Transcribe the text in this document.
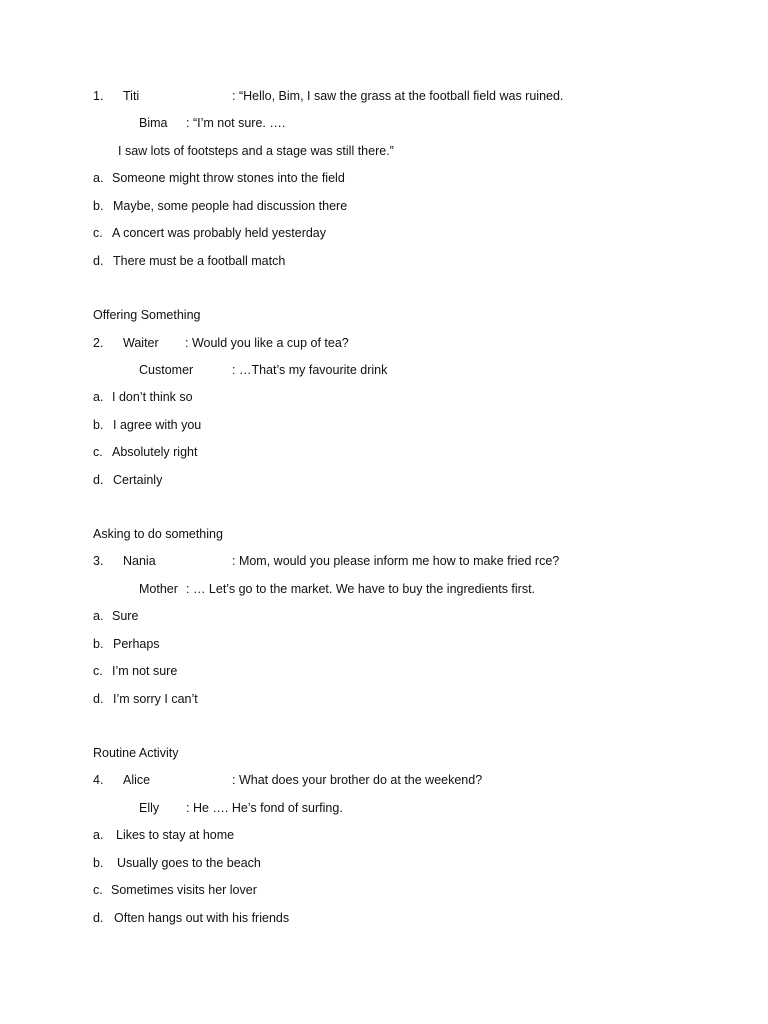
1. Titi	: “Hello, Bim, I saw the grass at the football field was ruined.
Bima : “I’m not sure. ….
I saw lots of footsteps and a stage was still there.”
a. Someone might throw stones into the field
b. Maybe, some people had discussion there
c. A concert was probably held yesterday
d. There must be a football match
Offering Something
2. Waiter : Would you like a cup of tea?
Customer	: …That’s my favourite drink
a. I don’t think so
b. I agree with you
c. Absolutely right
d. Certainly
Asking to do something
3. Nania	: Mom, would you please inform me how to make fried rce?
Mother : … Let’s go to the market. We have to buy the ingredients first.
a. Sure
b. Perhaps
c. I’m not sure
d. I’m sorry I can’t
Routine Activity
4. Alice	: What does your brother do at the weekend?
Elly : He …. He’s fond of surfing.
a. Likes to stay at home
b. Usually goes to the beach
c. Sometimes visits her lover
d. Often hangs out with his friends
